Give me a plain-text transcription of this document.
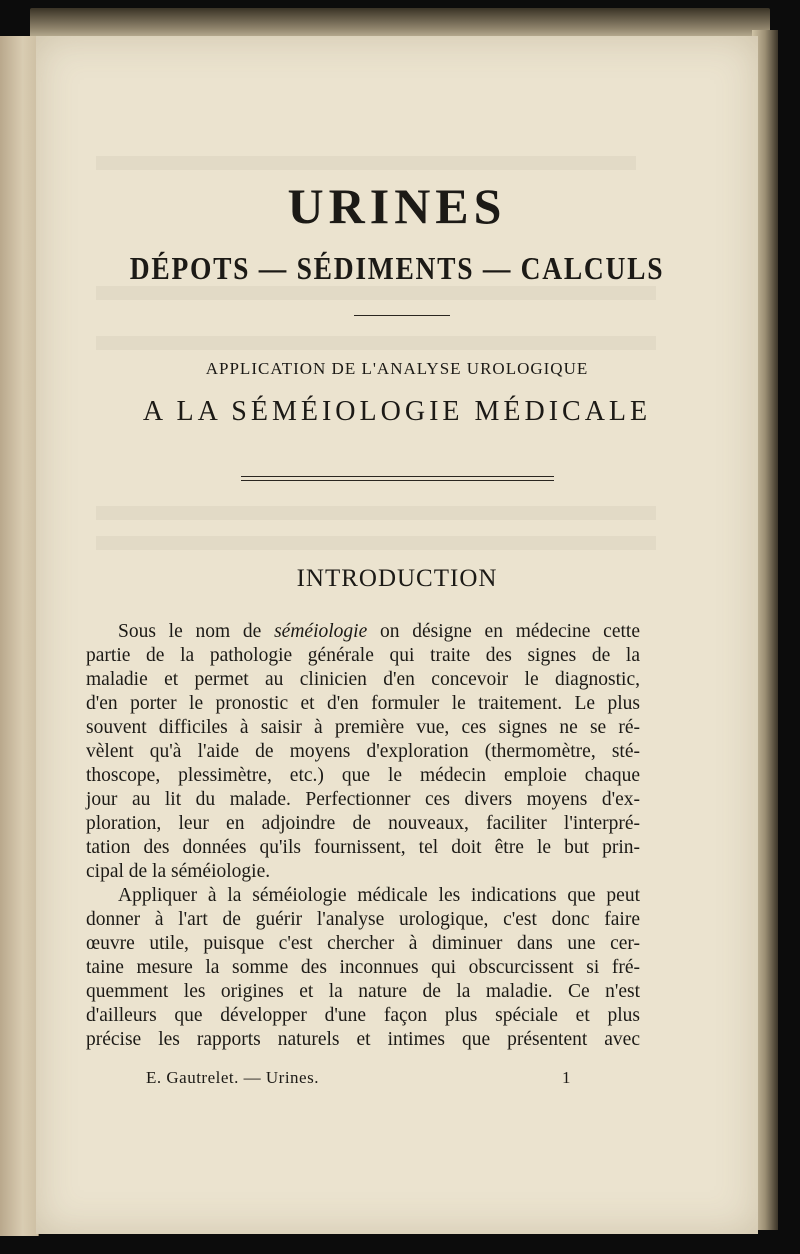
URINES
DÉPOTS — SÉDIMENTS — CALCULS
APPLICATION DE L'ANALYSE UROLOGIQUE
A LA SÉMÉIOLOGIE MÉDICALE
INTRODUCTION
Sous le nom de séméiologie on désigne en médecine cette
partie de la pathologie générale qui traite des signes de la
maladie et permet au clinicien d'en concevoir le diagnostic,
d'en porter le pronostic et d'en formuler le traitement. Le plus
souvent difficiles à saisir à première vue, ces signes ne se ré-
vèlent qu'à l'aide de moyens d'exploration (thermomètre, sté-
thoscope, plessimètre, etc.) que le médecin emploie chaque
jour au lit du malade. Perfectionner ces divers moyens d'ex-
ploration, leur en adjoindre de nouveaux, faciliter l'interpré-
tation des données qu'ils fournissent, tel doit être le but prin-
cipal de la séméiologie.
Appliquer à la séméiologie médicale les indications que peut
donner à l'art de guérir l'analyse urologique, c'est donc faire
œuvre utile, puisque c'est chercher à diminuer dans une cer-
taine mesure la somme des inconnues qui obscurcissent si fré-
quemment les origines et la nature de la maladie. Ce n'est
d'ailleurs que développer d'une façon plus spéciale et plus
précise les rapports naturels et intimes que présentent avec
E. Gautrelet. — Urines.	1
